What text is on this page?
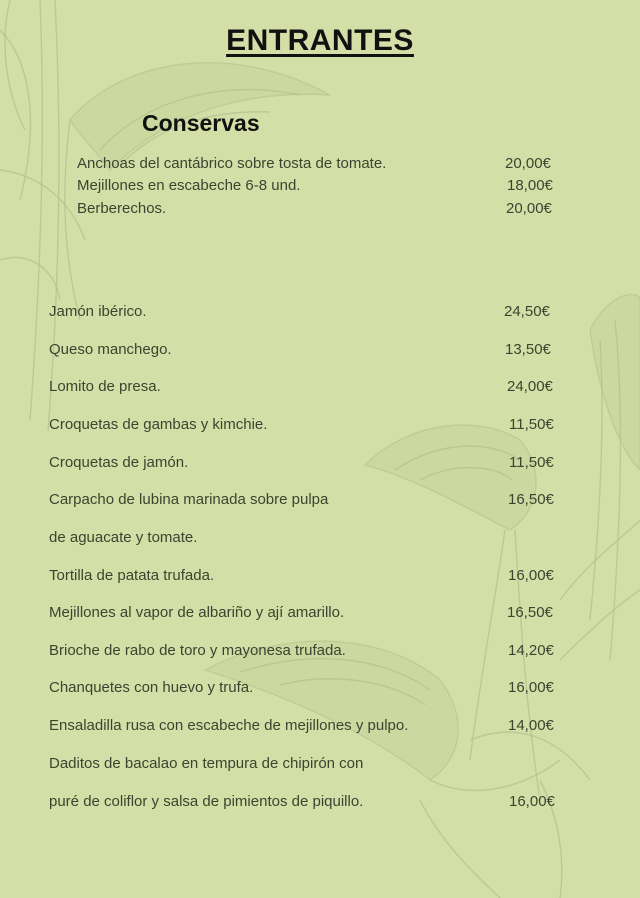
ENTRANTES
Conservas
Anchoas del cantábrico sobre tosta de tomate.	20,00€
Mejillones en escabeche 6-8 und.	18,00€
Berberechos.	20,00€
Jamón ibérico.	24,50€
Queso manchego.	13,50€
Lomito de presa.	24,00€
Croquetas de gambas y kimchie.	11,50€
Croquetas de jamón.	11,50€
Carpacho de lubina marinada sobre pulpa	16,50€
de aguacate y tomate.
Tortilla de patata trufada.	16,00€
Mejillones al vapor de albariño y ají amarillo.	16,50€
Brioche de rabo de toro y mayonesa trufada.	14,20€
Chanquetes con huevo y trufa.	16,00€
Ensaladilla rusa con escabeche de mejillones y pulpo.	14,00€
Daditos de bacalao en tempura de chipirón con
puré de coliflor y salsa de pimientos de piquillo.	16,00€
